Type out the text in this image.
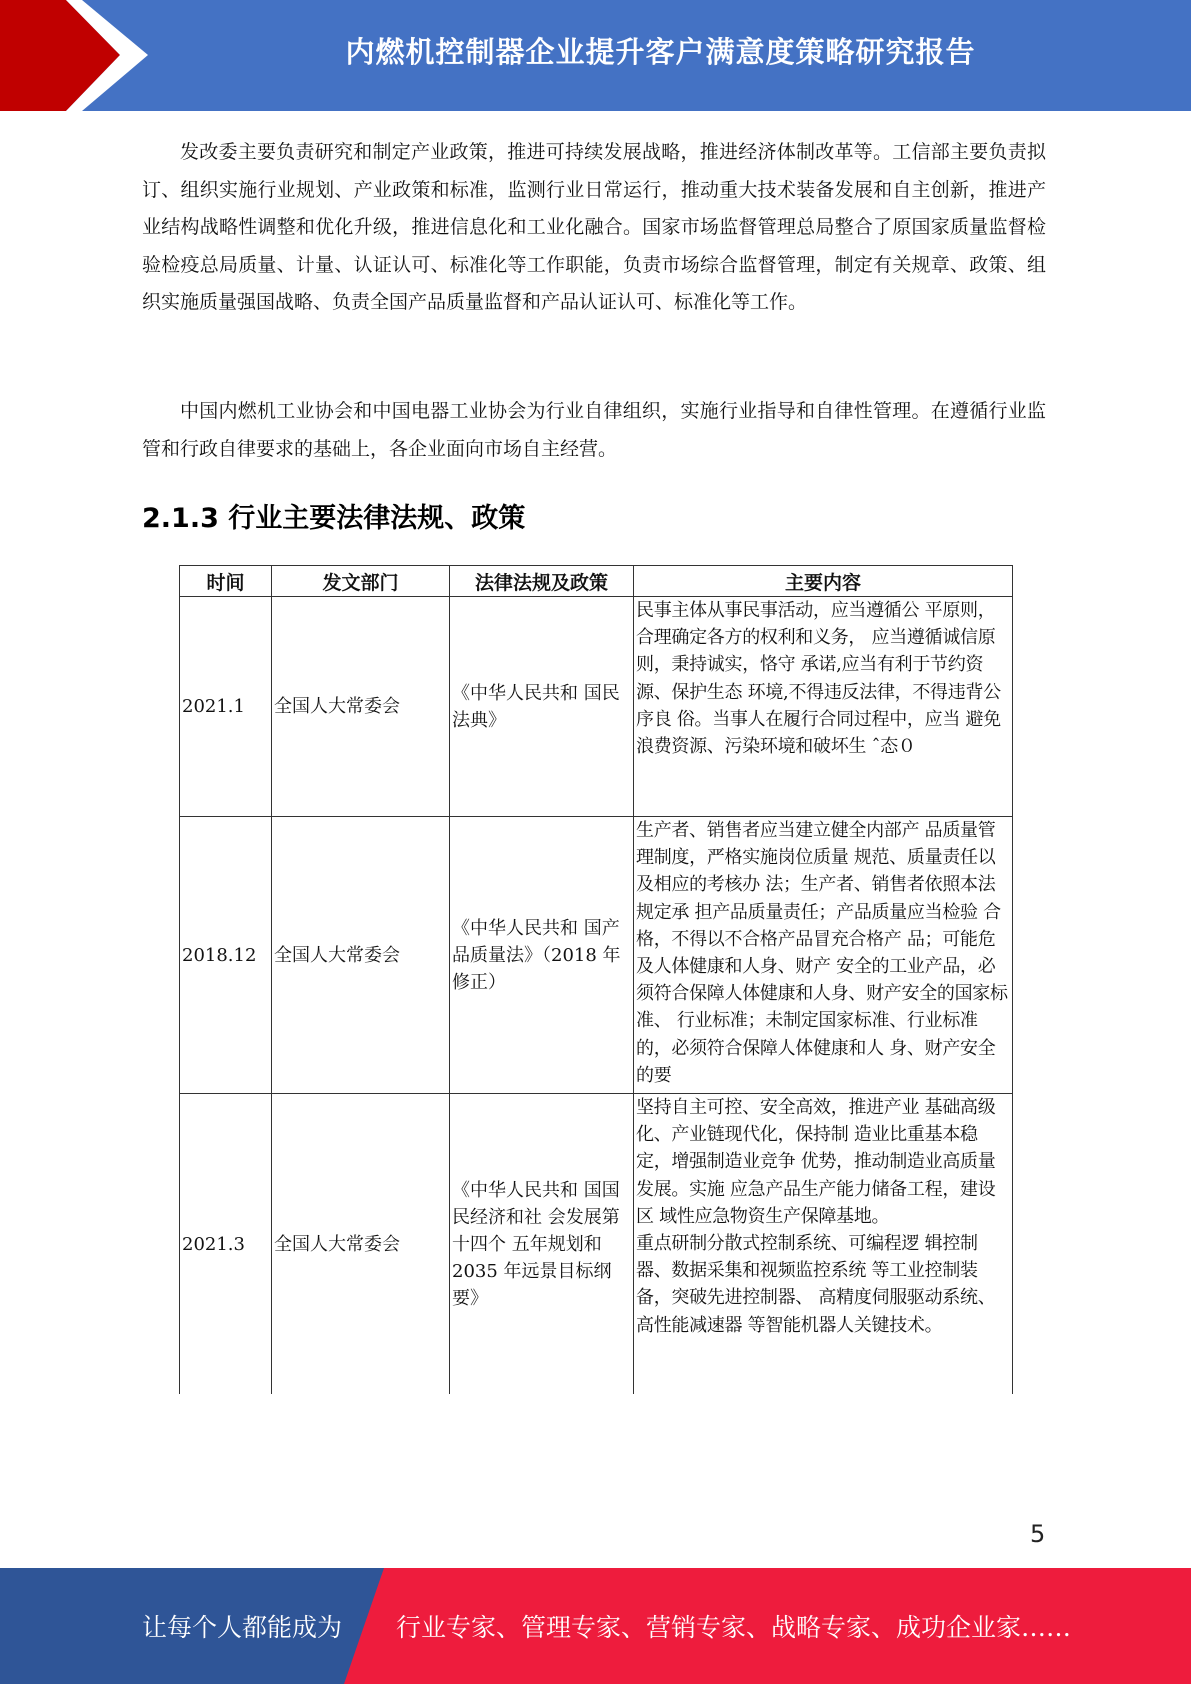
内燃机控制器企业提升客户满意度策略研究报告

发改委主要负责研究和制定产业政策，推进可持续发展战略，推进经济体制改革等。工信部主要负责拟订、组织实施行业规划、产业政策和标准，监测行业日常运行，推动重大技术装备发展和自主创新，推进产业结构战略性调整和优化升级，推进信息化和工业化融合。国家市场监督管理总局整合了原国家质量监督检验检疫总局质量、计量、认证认可、标准化等工作职能，负责市场综合监督管理，制定有关规章、政策、组织实施质量强国战略、负责全国产品质量监督和产品认证认可、标准化等工作。

中国内燃机工业协会和中国电器工业协会为行业自律组织，实施行业指导和自律性管理。在遵循行业监管和行政自律要求的基础上，各企业面向市场自主经营。

2.1.3 行业主要法律法规、政策
时间	发文部门	法律法规及政策	主要内容
2021.1	全国人大常委会	《中华人民共和 国民法典》	民事主体从事民事活动，应当遵循公 平原则，合理确定各方的权利和义务， 应当遵循诚信原则，秉持诚实，恪守 承诺,应当有利于节约资源、保护生态 环境,不得违反法律，不得违背公序良 俗。当事人在履行合同过程中，应当 避免浪费资源、污染环境和破坏生 ˆ态０

2018.12	全国人大常委会	《中华人民共和 国产品质量法》（2018 年修正）	生产者、销售者应当建立健全内部产 品质量管理制度，严格实施岗位质量 规范、质量责任以及相应的考核办 法；生产者、销售者依照本法规定承 担产品质量责任；产品质量应当检验 合格，不得以不合格产品冒充合格产 品；可能危及人体健康和人身、财产 安全的工业产品，必须符合保障人体健康和人身、财产安全的国家标准、 行业标准；未制定国家标准、行业标准的，必须符合保障人体健康和人 身、财产安全的要

2021.3	全国人大常委会	《中华人民共和 国国民经济和社 会发展第十四个 五年规划和 2035 年远景目标纲 要》	坚持自主可控、安全高效，推进产业 基础高级化、产业链现代化，保持制 造业比重基本稳定，增强制造业竞争 优势，推动制造业高质量发展。实施 应急产品生产能力储备工程，建设区 域性应急物资生产保障基地。
重点研制分散式控制系统、可编程逻 辑控制器、数据采集和视频监控系统 等工业控制装备，突破先进控制器、 高精度伺服驱动系统、高性能减速器 等智能机器人关键技术。
5
让每个人都能成为 行业专家、管理专家、营销专家、战略专家、成功企业家……
